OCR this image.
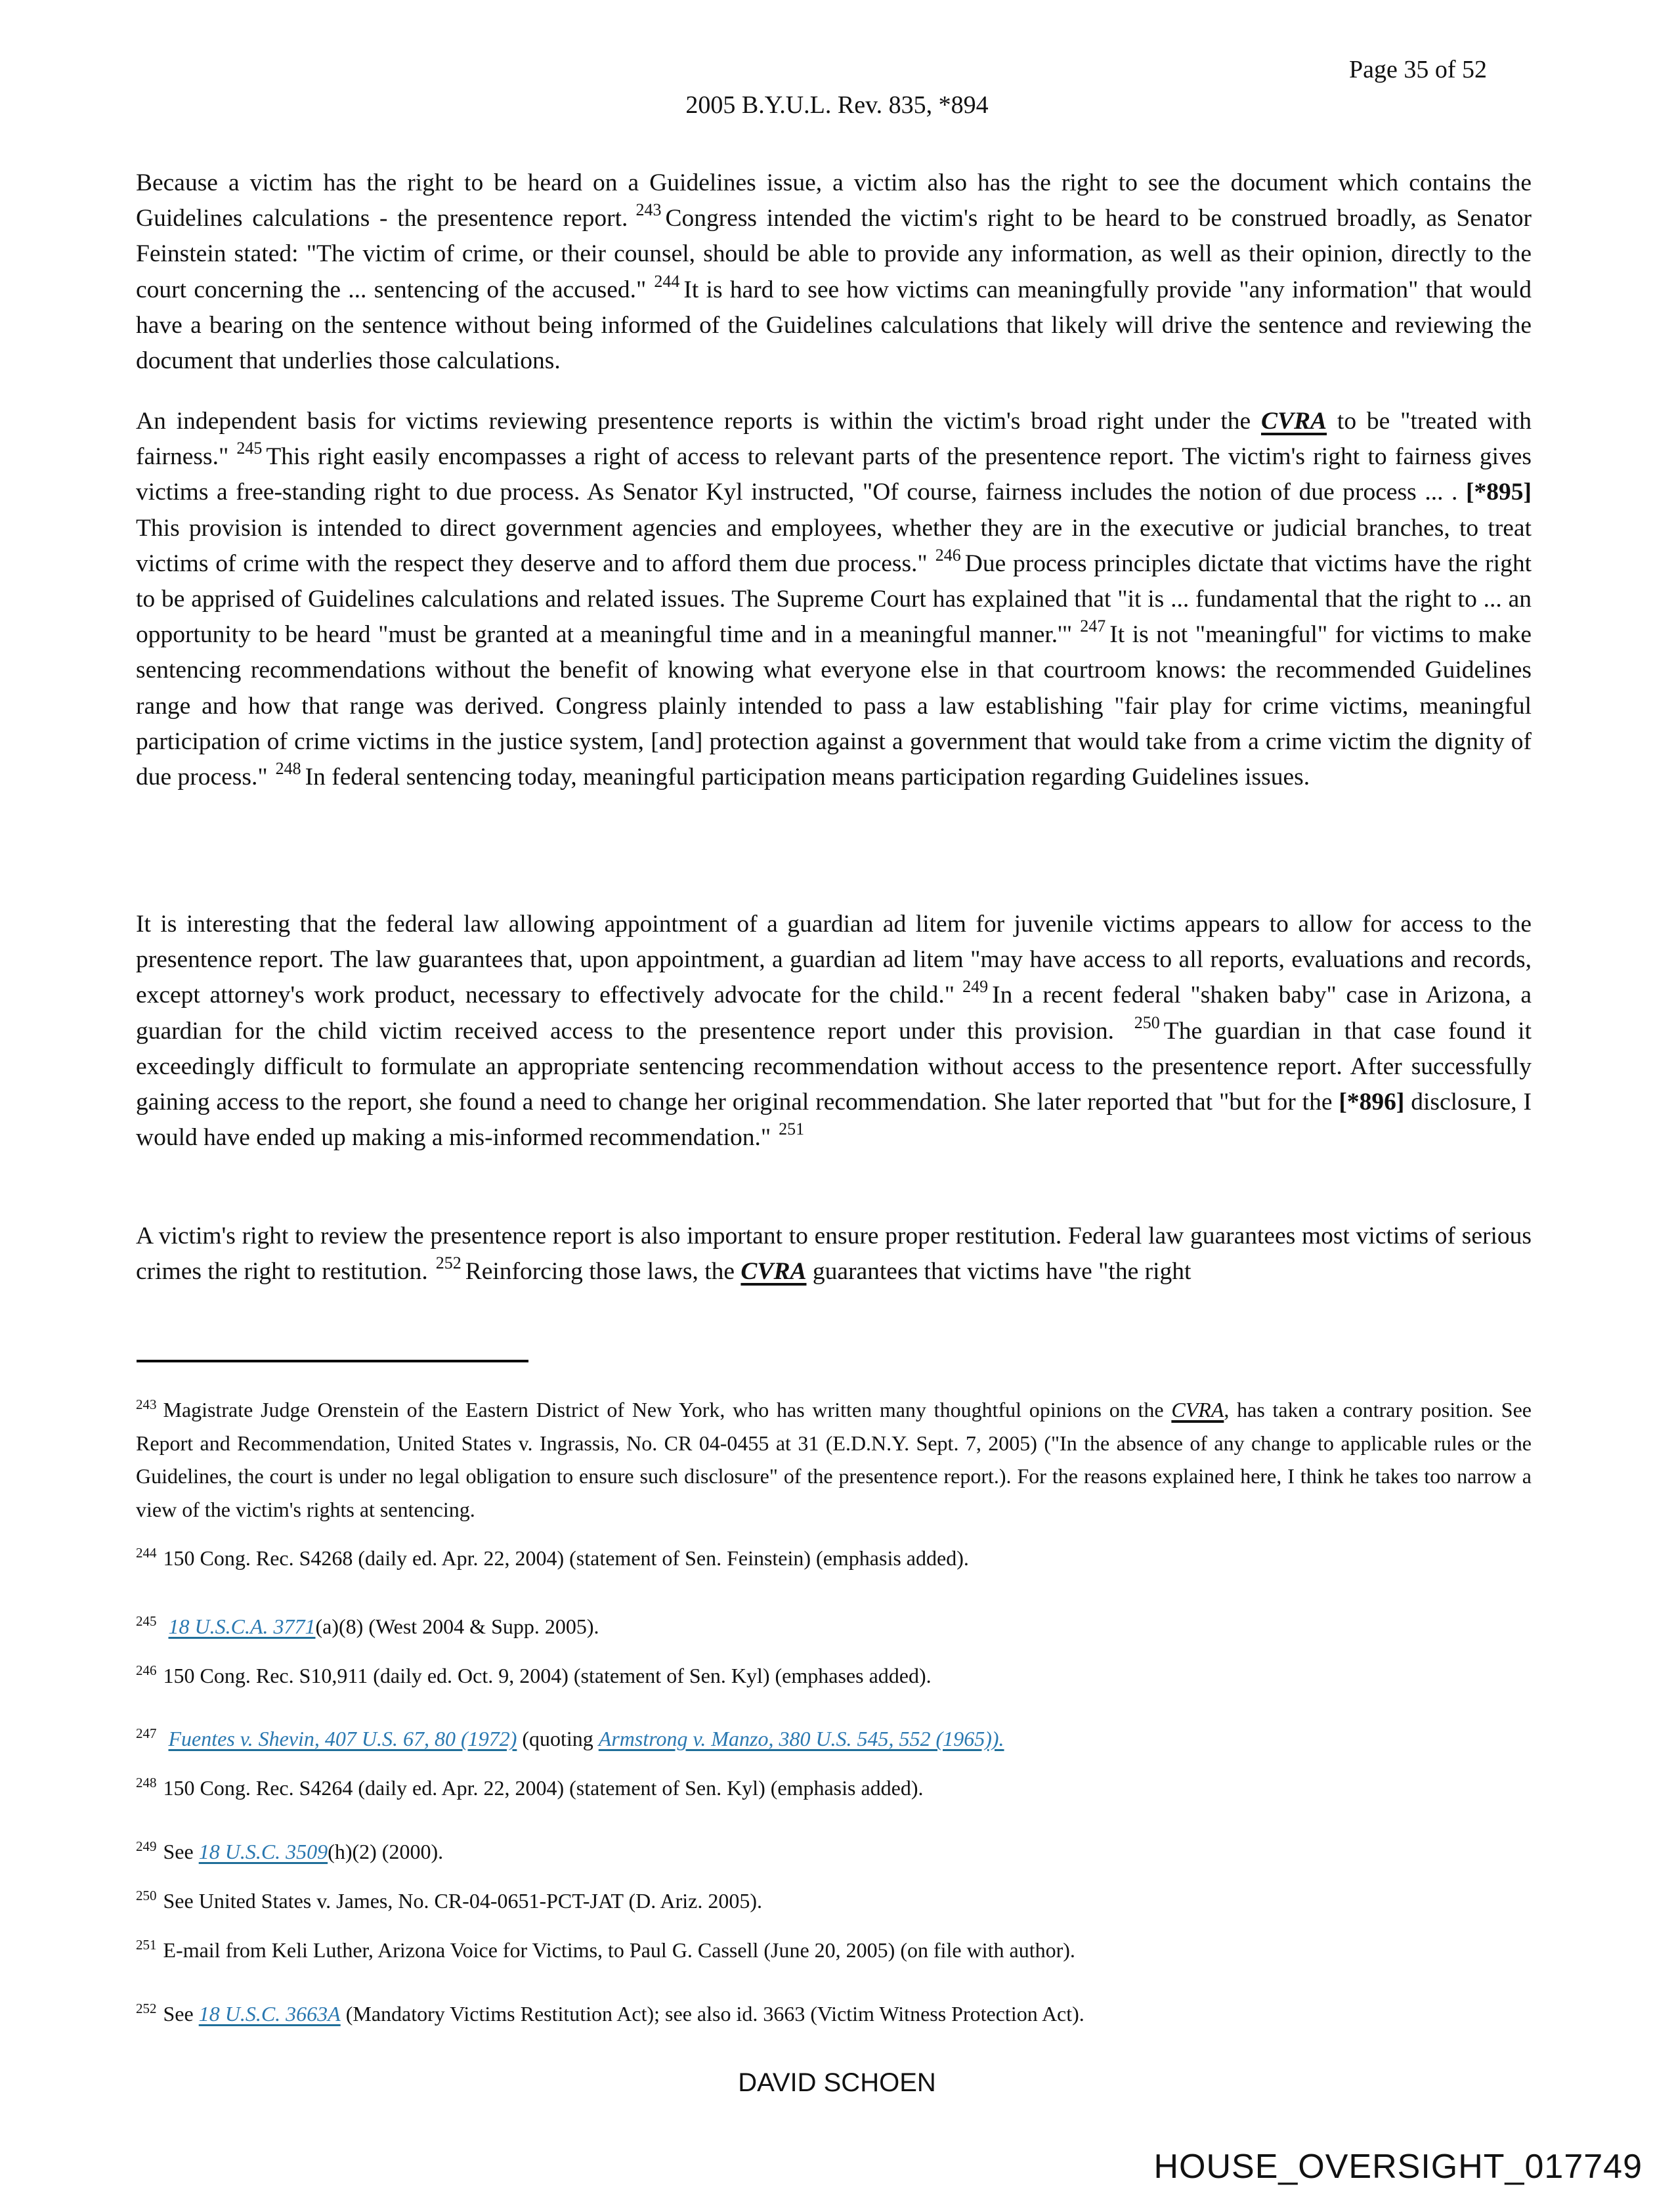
Page 35 of 52
2005 B.Y.U.L. Rev. 835, *894
Because a victim has the right to be heard on a Guidelines issue, a victim also has the right to see the document which contains the Guidelines calculations - the presentence report. $^{243}$ Congress intended the victim's right to be heard to be construed broadly, as Senator Feinstein stated: "The victim of crime, or their counsel, should be able to provide any information, as well as their opinion, directly to the court concerning the ... sentencing of the accused." $^{244}$ It is hard to see how victims can meaningfully provide "any information" that would have a bearing on the sentence without being informed of the Guidelines calculations that likely will drive the sentence and reviewing the document that underlies those calculations.
An independent basis for victims reviewing presentence reports is within the victim's broad right under the CVRA to be "treated with fairness." $^{245}$ This right easily encompasses a right of access to relevant parts of the presentence report. The victim's right to fairness gives victims a free-standing right to due process. As Senator Kyl instructed, "Of course, fairness includes the notion of due process ... . [*895] This provision is intended to direct government agencies and employees, whether they are in the executive or judicial branches, to treat victims of crime with the respect they deserve and to afford them due process." $^{246}$ Due process principles dictate that victims have the right to be apprised of Guidelines calculations and related issues. The Supreme Court has explained that "it is ... fundamental that the right to ... an opportunity to be heard "must be granted at a meaningful time and in a meaningful manner.'" $^{247}$ It is not "meaningful" for victims to make sentencing recommendations without the benefit of knowing what everyone else in that courtroom knows: the recommended Guidelines range and how that range was derived. Congress plainly intended to pass a law establishing "fair play for crime victims, meaningful participation of crime victims in the justice system, [and] protection against a government that would take from a crime victim the dignity of due process." $^{248}$ In federal sentencing today, meaningful participation means participation regarding Guidelines issues.
It is interesting that the federal law allowing appointment of a guardian ad litem for juvenile victims appears to allow for access to the presentence report. The law guarantees that, upon appointment, a guardian ad litem "may have access to all reports, evaluations and records, except attorney's work product, necessary to effectively advocate for the child." $^{249}$ In a recent federal "shaken baby" case in Arizona, a guardian for the child victim received access to the presentence report under this provision. $^{250}$ The guardian in that case found it exceedingly difficult to formulate an appropriate sentencing recommendation without access to the presentence report. After successfully gaining access to the report, she found a need to change her original recommendation. She later reported that "but for the [*896] disclosure, I would have ended up making a mis-informed recommendation." $^{251}$
A victim's right to review the presentence report is also important to ensure proper restitution. Federal law guarantees most victims of serious crimes the right to restitution. $^{252}$ Reinforcing those laws, the CVRA guarantees that victims have "the right
$^{243}$ Magistrate Judge Orenstein of the Eastern District of New York, who has written many thoughtful opinions on the CVRA, has taken a contrary position. See Report and Recommendation, United States v. Ingrassis, No. CR 04-0455 at 31 (E.D.N.Y. Sept. 7, 2005) ("In the absence of any change to applicable rules or the Guidelines, the court is under no legal obligation to ensure such disclosure" of the presentence report.). For the reasons explained here, I think he takes too narrow a view of the victim's rights at sentencing.
$^{244}$ 150 Cong. Rec. S4268 (daily ed. Apr. 22, 2004) (statement of Sen. Feinstein) (emphasis added).
$^{245}$ 18 U.S.C.A. 3771(a)(8) (West 2004 & Supp. 2005).
$^{246}$ 150 Cong. Rec. S10,911 (daily ed. Oct. 9, 2004) (statement of Sen. Kyl) (emphases added).
$^{247}$ Fuentes v. Shevin, 407 U.S. 67, 80 (1972) (quoting Armstrong v. Manzo, 380 U.S. 545, 552 (1965)).
$^{248}$ 150 Cong. Rec. S4264 (daily ed. Apr. 22, 2004) (statement of Sen. Kyl) (emphasis added).
$^{249}$ See 18 U.S.C. 3509(h)(2) (2000).
$^{250}$ See United States v. James, No. CR-04-0651-PCT-JAT (D. Ariz. 2005).
$^{251}$ E-mail from Keli Luther, Arizona Voice for Victims, to Paul G. Cassell (June 20, 2005) (on file with author).
$^{252}$ See 18 U.S.C. 3663A (Mandatory Victims Restitution Act); see also id. 3663 (Victim Witness Protection Act).
DAVID SCHOEN
HOUSE_OVERSIGHT_017749
